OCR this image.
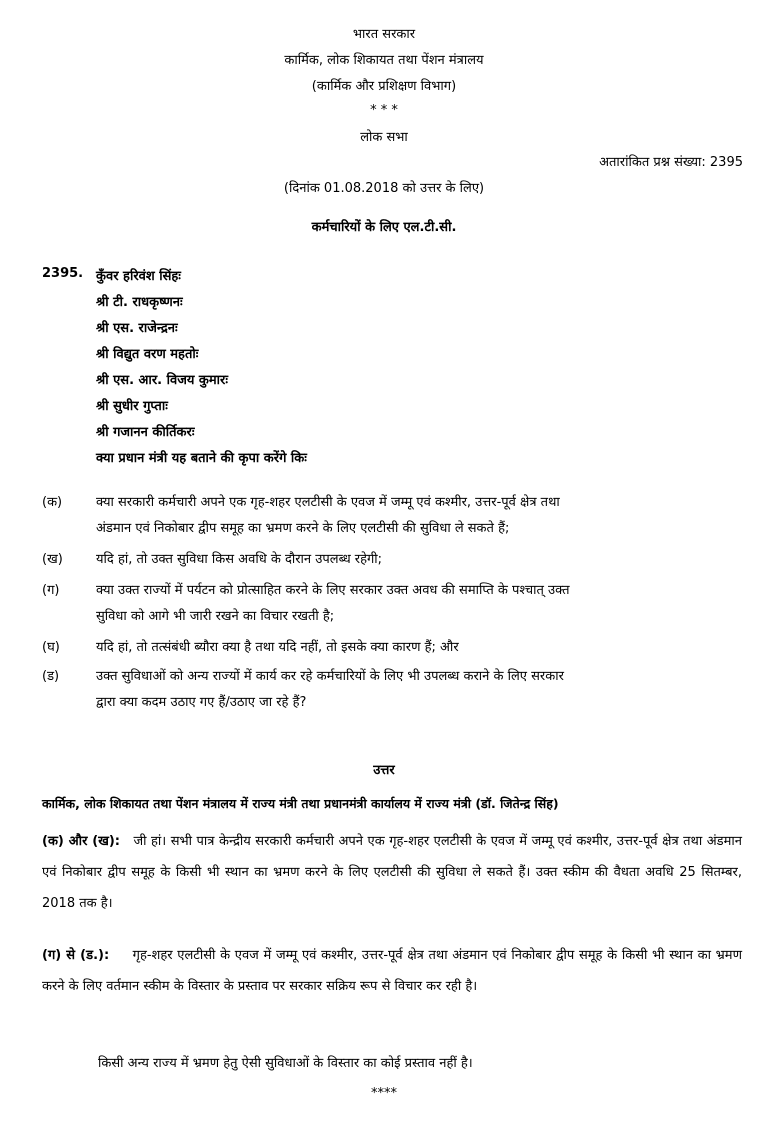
भारत सरकार
कार्मिक, लोक शिकायत तथा पेंशन मंत्रालय
(कार्मिक और प्रशिक्षण विभाग)
* * *
लोक सभा
अतारांकित प्रश्न संख्या: 2395
(दिनांक 01.08.2018 को उत्तर के लिए)
कर्मचारियों के लिए एल.टी.सी.
2395. कुँवर हरिवंश सिंहः
श्री टी. राधकृष्णनः
श्री एस. राजेन्द्रनः
श्री विद्युत वरण महतोः
श्री एस. आर. विजय कुमारः
श्री सुधीर गुप्ताः
श्री गजानन कीर्तिकरः
क्या प्रधान मंत्री यह बताने की कृपा करेंगे किः
(क)	क्या सरकारी कर्मचारी अपने एक गृह-शहर एलटीसी के एवज में जम्मू एवं कश्मीर, उत्तर-पूर्व क्षेत्र तथा
अंडमान एवं निकोबार द्वीप समूह का भ्रमण करने के लिए एलटीसी की सुविधा ले सकते हैं;
(ख)	यदि हां, तो उक्त सुविधा किस अवधि के दौरान उपलब्ध रहेगी;
(ग)	क्या उक्त राज्यों में पर्यटन को प्रोत्साहित करने के लिए सरकार उक्त अवध की समाप्ति के पश्चात् उक्त
सुविधा को आगे भी जारी रखने का विचार रखती है;
(घ)	यदि हां, तो तत्संबंधी ब्यौरा क्या है तथा यदि नहीं, तो इसके क्या कारण हैं; और
(ड)	उक्त सुविधाओं को अन्य राज्यों में कार्य कर रहे कर्मचारियों के लिए भी उपलब्ध कराने के लिए सरकार
द्वारा क्या कदम उठाए गए हैं/उठाए जा रहे हैं?
उत्तर
कार्मिक, लोक शिकायत तथा पेंशन मंत्रालय में राज्य मंत्री तथा प्रधानमंत्री कार्यालय में राज्य मंत्री (डॉ. जितेन्द्र सिंह)
(क) और (ख): जी हां। सभी पात्र केन्द्रीय सरकारी कर्मचारी अपने एक गृह-शहर एलटीसी के एवज में जम्मू एवं कश्मीर, उत्तर-पूर्व क्षेत्र तथा अंडमान एवं निकोबार द्वीप समूह के किसी भी स्थान का भ्रमण करने के लिए एलटीसी की सुविधा ले सकते हैं। उक्त स्कीम की वैधता अवधि 25 सितम्बर, 2018 तक है।
(ग) से (ड.): गृह-शहर एलटीसी के एवज में जम्मू एवं कश्मीर, उत्तर-पूर्व क्षेत्र तथा अंडमान एवं निकोबार द्वीप समूह के किसी भी स्थान का भ्रमण करने के लिए वर्तमान स्कीम के विस्तार के प्रस्ताव पर सरकार सक्रिय रूप से विचार कर रही है।
किसी अन्य राज्य में भ्रमण हेतु ऐसी सुविधाओं के विस्तार का कोई प्रस्ताव नहीं है।
****
